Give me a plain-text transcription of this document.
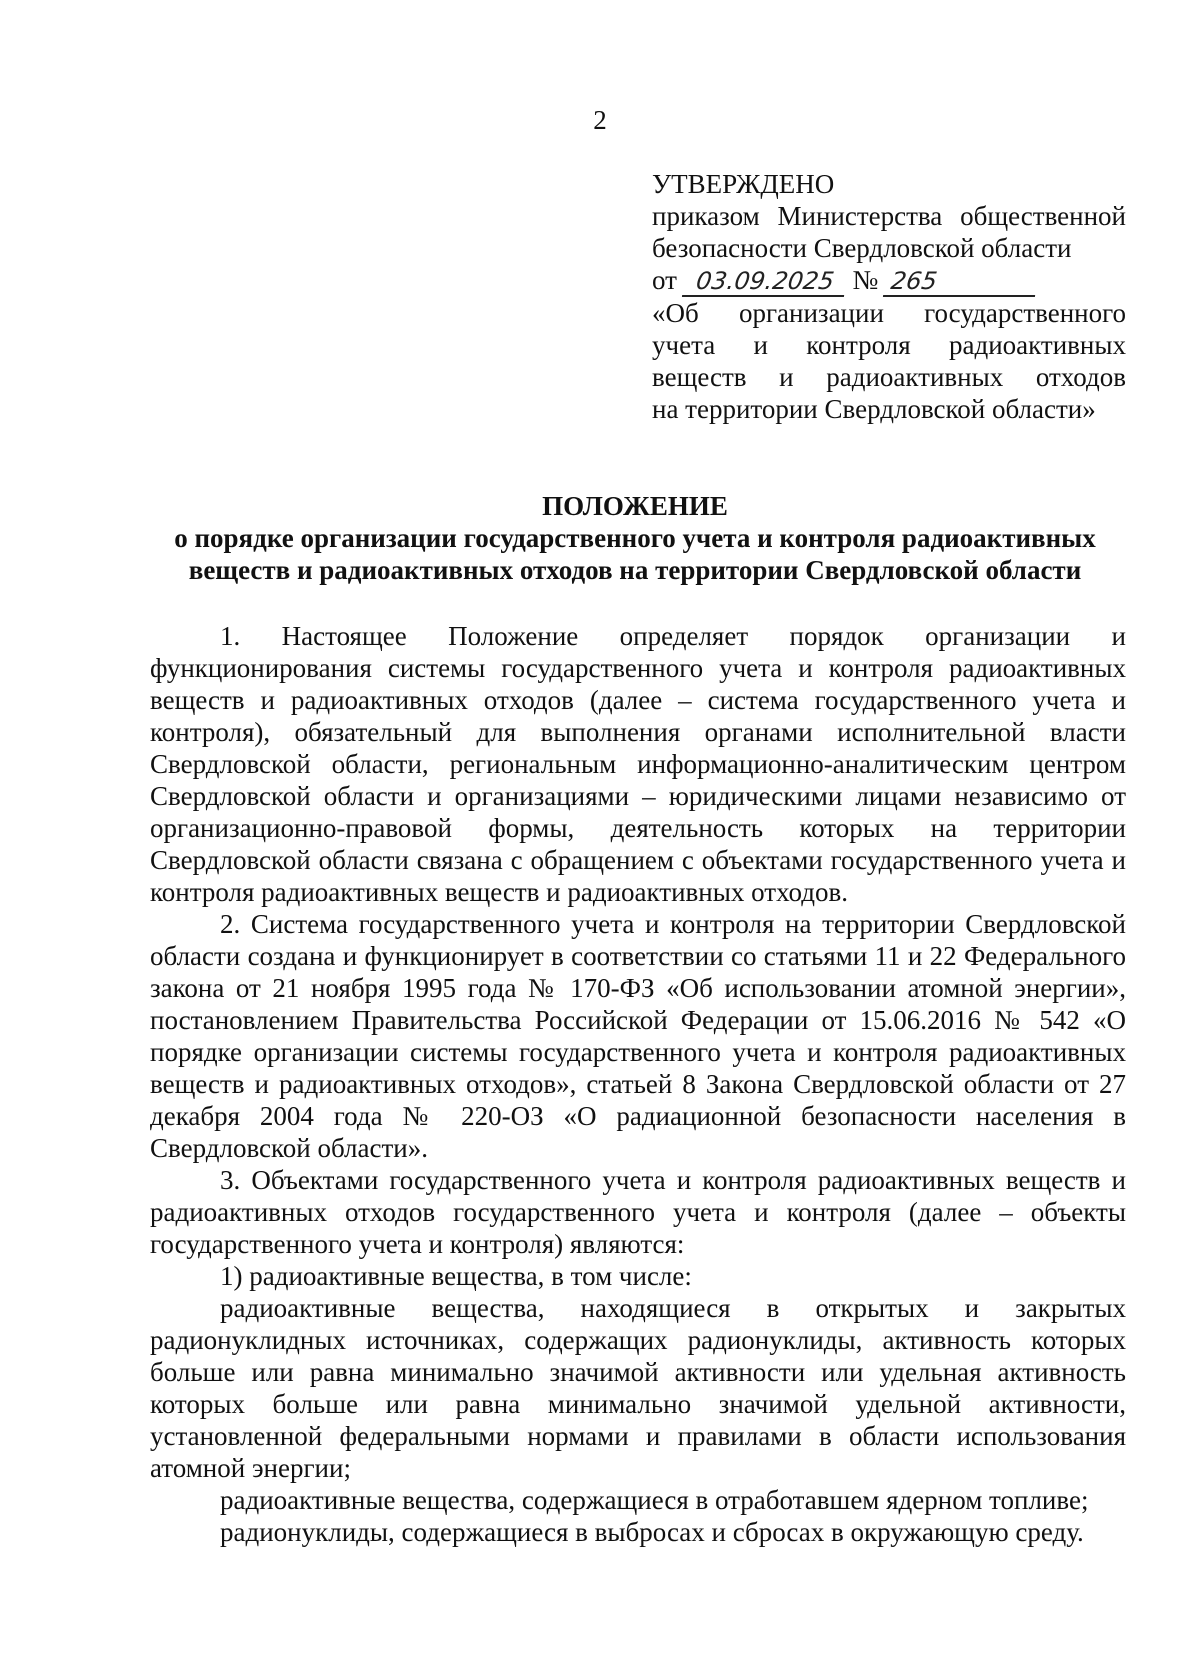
2

УТВЕРЖДЕНО

приказом Министерства общественной

безопасности Свердловской области

от 03.09.2025 № 265

«Об организации государственного

учета и контроля радиоактивных

веществ и радиоактивных отходов

на территории Свердловской области»

ПОЛОЖЕНИЕ

о порядке организации государственного учета и контроля радиоактивных

веществ и радиоактивных отходов на территории Свердловской области

1. Настоящее Положение определяет порядок организации и функционирования системы государственного учета и контроля радиоактивных веществ и радиоактивных отходов (далее – система государственного учета и контроля), обязательный для выполнения органами исполнительной власти Свердловской области, региональным информационно-аналитическим центром Свердловской области и организациями – юридическими лицами независимо от организационно-правовой формы, деятельность которых на территории Свердловской области связана с обращением с объектами государственного учета и контроля радиоактивных веществ и радиоактивных отходов.

2. Система государственного учета и контроля на территории Свердловской области создана и функционирует в соответствии со статьями 11 и 22 Федерального закона от 21 ноября 1995 года № 170-ФЗ «Об использовании атомной энергии», постановлением Правительства Российской Федерации от 15.06.2016 № 542 «О порядке организации системы государственного учета и контроля радиоактивных веществ и радиоактивных отходов», статьей 8 Закона Свердловской области от 27 декабря 2004 года № 220-ОЗ «О радиационной безопасности населения в Свердловской области».

3. Объектами государственного учета и контроля радиоактивных веществ и радиоактивных отходов государственного учета и контроля (далее – объекты государственного учета и контроля) являются:

1) радиоактивные вещества, в том числе:

радиоактивные вещества, находящиеся в открытых и закрытых радионуклидных источниках, содержащих радионуклиды, активность которых больше или равна минимально значимой активности или удельная активность которых больше или равна минимально значимой удельной активности, установленной федеральными нормами и правилами в области использования атомной энергии;

радиоактивные вещества, содержащиеся в отработавшем ядерном топливе;

радионуклиды, содержащиеся в выбросах и сбросах в окружающую среду.
